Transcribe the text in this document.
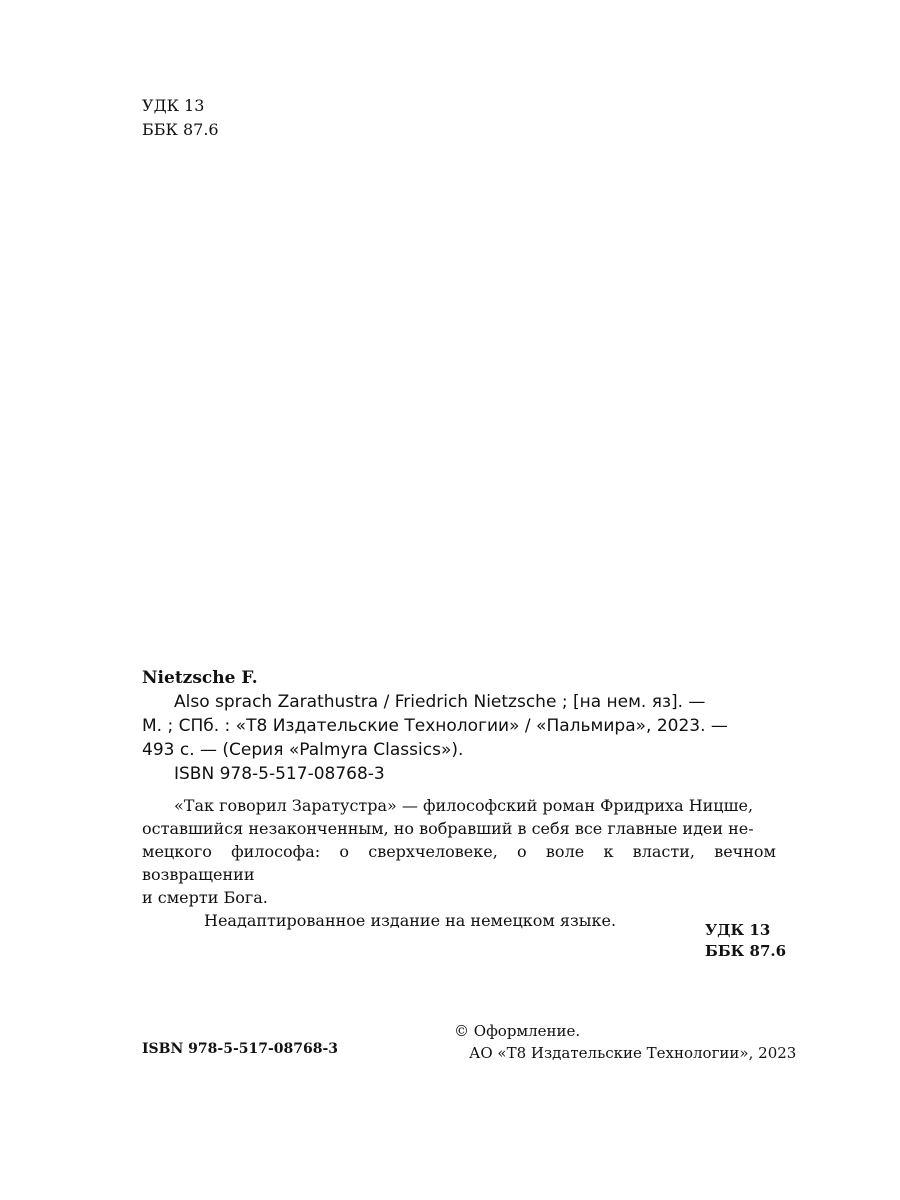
УДК 13
ББК 87.6
Nietzsche F.
Also sprach Zarathustra / Friedrich Nietzsche ; [на нем. яз]. —
М. ; СПб. : «Т8 Издательские Технологии» / «Пальмира», 2023. —
493 с. — (Серия «Palmyra Classics»).
ISBN 978-5-517-08768-3
«Так говорил Заратустра» — философский роман Фридриха Ницше,
оставшийся незаконченным, но вобравший в себя все главные идеи не-
мецкого философа: о сверхчеловеке, о воле к власти, вечном возвращении
и смерти Бога.
Неадаптированное издание на немецком языке.	УДК 13
ББК 87.6
© Оформление.
АО «Т8 Издательские Технологии», 2023
ISBN 978-5-517-08768-3
